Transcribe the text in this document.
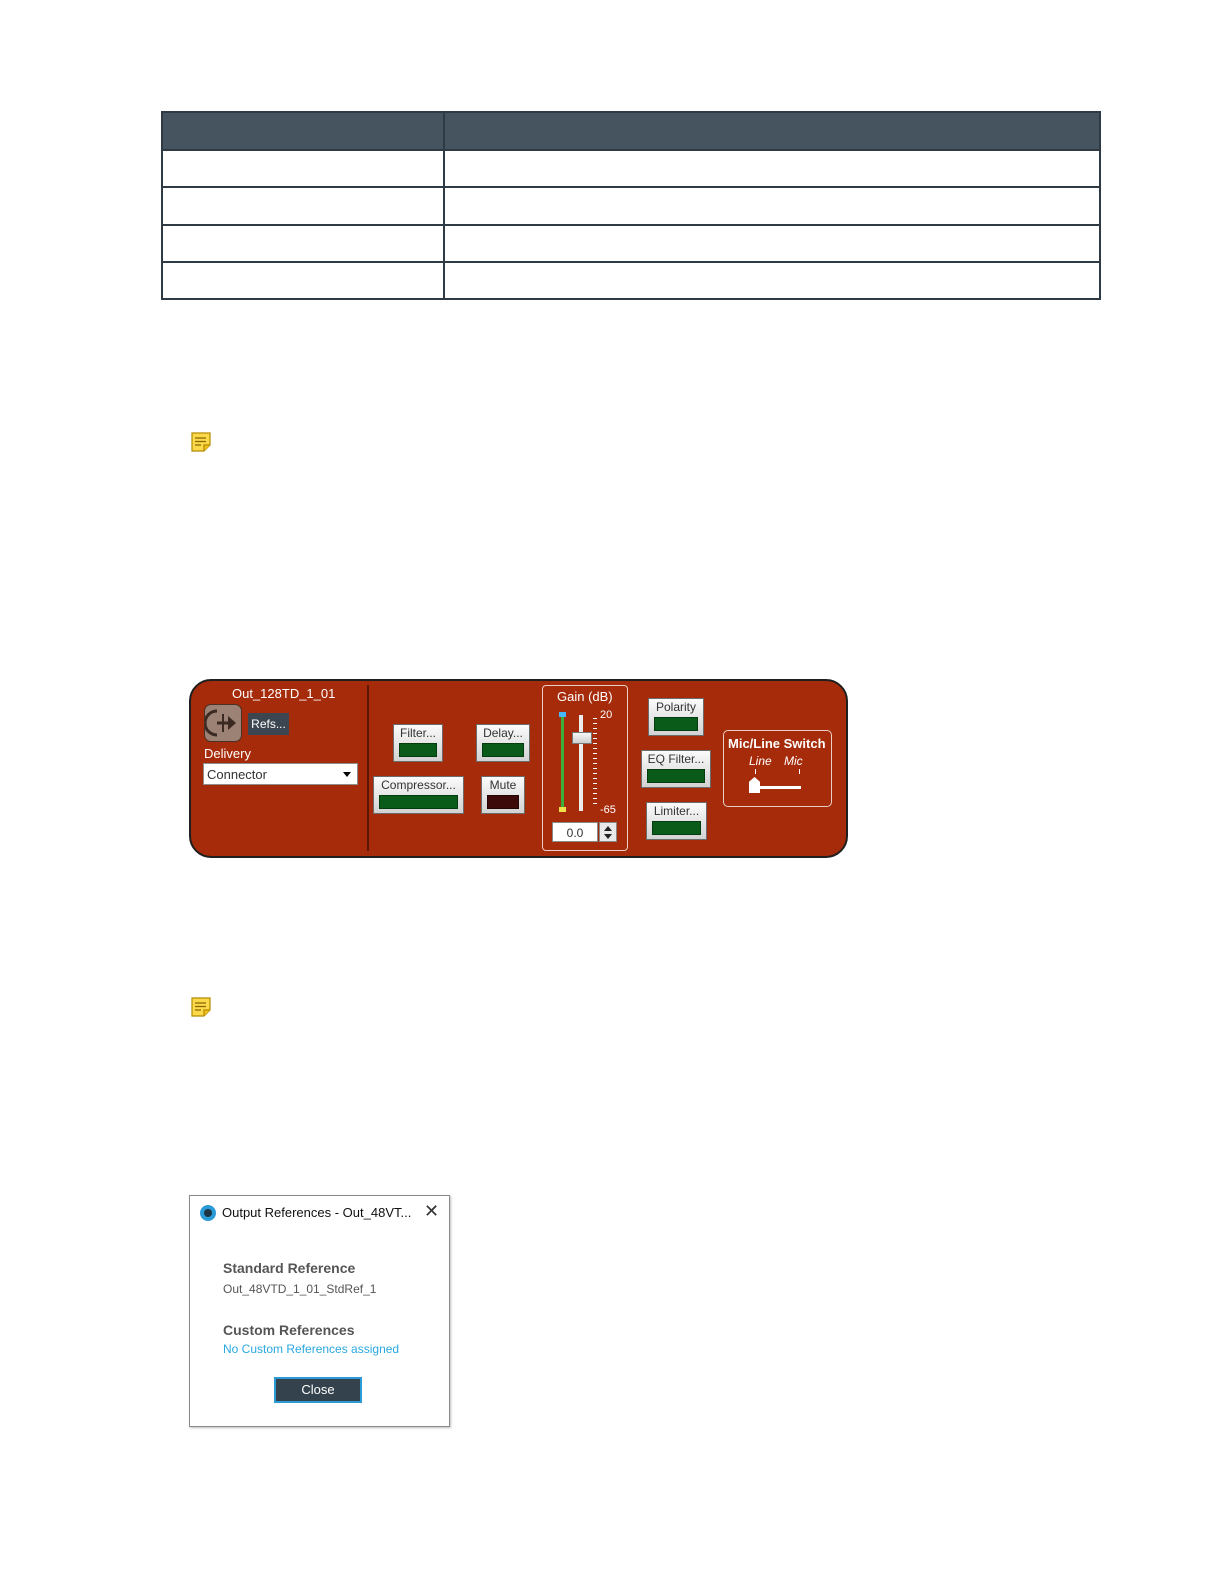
Out_128TD_1_01
Refs...
Delivery
Connector
Filter...	Delay...
Compressor...	Mute
Gain (dB)
20
-65
0.0
Polarity
EQ Filter...
Limiter...
Mic/Line Switch
Line Mic
Output References - Out_48VT... ✕
Standard Reference
Out_48VTD_1_01_StdRef_1
Custom References
No Custom References assigned
Close
